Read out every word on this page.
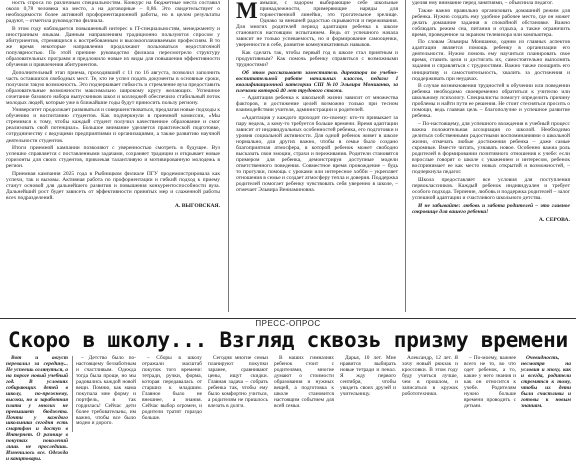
ность спроса по различным специальностям. Конкурс на бюджетные места составил около 0,78 человека на место, а на договорные – 0,86. Это свидетельствует о необходимости более активной профориентационной работы, но в целом результаты радуют, – отметила руководство филиала.

В этом году наблюдается повышенный интерес к IT-специальностям, менеджменту и иностранным языкам. Данным направлениям традиционно пользуются спросом у абитуриентов, стремящихся к востребованным и высокооплачиваемым профессиям. В то же время некоторые направления продолжают пользоваться недостаточной популярностью. По этой причине руководство филиала пересмотрело структуру образовательных программ и предложило новые их виды для повышения эффективности обучения и привлечения абитуриентов.

Дополнительный этап приема, проходивший с 11 по 16 августа, позволил заполнить часть оставшихся свободных мест. Те, кто не успел подать документы в основные сроки, получили такую возможность. Это подчеркивает гибкость и стремление вуза предоставить образовательные возможности максимально широкому кругу желающих. Успешное сочетание базового набора выпускников школ и колледжей обеспечило стабильный поток молодых людей, которые уже в ближайшие годы будут приносить пользу региону.

Университет продолжает развиваться и совершенствоваться, предлагая новые подходы к обучению и воспитанию студентов. Как подчеркнули в приемной комиссии, «Мы стремимся к тому, чтобы каждый студент получил качественное образование и смог реализовать свой потенциал». Большое внимание уделяется практической подготовке, сотрудничеству с ведущими предприятиями и организациями, а также развитию научной деятельности студентов.

Итоги приемной кампании позволяют с уверенностью смотреть в будущее. Вуз успешно справляется с поставленными задачами, сохраняет традиции и открывает новые горизонты для своих студентов, привлекая талантливую и мотивированную молодежь в регион.

Приемная кампания 2025 года в Рыбницком филиале ПГУ продемонстрировала как успехи, так и вызовы. Активная работа по профориентации и гибкий подход к приему станут основой для дальнейшего развития и повышения конкурентоспособности вуза. Дальнейший рост будет зависеть от эффективности принятых мер и слаженной работы всех подразделений.

А. ВЫГОВСКАЯ.

Мамыши, с задором выбирающие себе школьные принадлежности, примеряющие наряды для торжественной линейки, это трогательное зрелище. Однако за внешней радостью скрываются и переживания. Для многих родителей период адаптации ребенка к школе становится настоящим испытанием. Ведь от успешного начала зависит не только успеваемость, но и формирование самооценки, уверенности в себе, развитие коммуникативных навыков.

Как сделать так, чтобы первый год в школе стал приятным и продуктивным? Как помочь ребенку справиться с возможными трудностями?

Об этом рассказывает заместитель директора по учебно-воспитательной работе начальных классов, педагог I квалификационной категории СШ №10 Эльвира Моншанко, за плечами которой 40 лет трудового стажа.

– Адаптация ребенка к школьной жизни зависит от множества факторов, и достижение целей возможно только при тесном взаимодействии учителя, администрации и родителей.

«Адаптация у каждого проходит по-своему: кто-то привыкает за пару недель, а кому-то требуется больше времени. Время адаптации зависит от индивидуальных особенностей ребенка, его подготовки и уровня социальной активности. Для одной ребенок живет в школе нормально, для других важно, чтобы в семье было создано благоприятная атмосфера, в которой ребенок может свободно высказать свои эмоции, страхи и переживания. Родители становятся примером для ребенка, демонстрируя доступные модели ответственного поведения. Совместное время провождение – будь то прогулки, помощь с уроками или интересное хобби – укрепляет отношения в семье и создает атмосферу тепла и доверия. Поддержка родителей помогает ребенку чувствовать себя уверенно в школе, – отмечает Эльвира Вениаминовна.

уделяя ему внимание перед занятиями, – объяснила педагог.

Также важно правильно организовать домашний режим для ребенка. Нужно создать ему удобное рабочее место, где он может делать домашние задания в спокойной обстановке. Важно соблюдать режим сна, питания и отдыха, а также ограничить время, проведенное за экраном телевизора или компьютера.

По словам Эльвиры Моншанко, одним из главных аспектов адаптации является помощь ребенку в организации его деятельности. Нужно помочь ему научиться планировать свое время, ставить цели и достигать их, самостоятельно выполнять задания и справляться с трудностями. Важно также поощрять его инициативу и самостоятельность, хвалить за достижения и поддерживать при неудачах.

В случае возникновения трудностей в обучении или поведении ребенка необходимо своевременно обратиться к учителю или школьному психологу. Специалисты помогут определить причину проблемы и найти пути ее решения. Не стоит стесняться просить о помощи, ведь главная цель – благополучие и успешное развитие ребенка.

– По-настоящему, для успешного вхождения в учебный процесс важна положительная ассоциация со школой. Необходимо делиться собственными радостными воспоминаниями о школьной жизни, отмечать любые достижения ребенка – даже самые скромные. Вместе читать, узнавать новое. Особенно важна роль родителей в формировании позитивного отношения к учебе: если взрослые говорят о школе с уважением и интересом, ребенок воспринимает ее как место новых открытий и возможностей, – подчеркнула педагог.

Школа предоставляет все условия для поступления первоклассников. Каждый ребенок индивидуален и требует особого подхода. Терпение, любовь и поддержка родителей – залог успешной адаптации и счастливого школьного детства.

И не забывайте: любовь и забота родителей – это главное сокровище для вашего ребенка!

А. СЕРОВА.
ПРЕСС-ОПРОС
Скоро в школу... Взгляд сквозь призму времени

Вот и август перевалил за середину... Не успеешь оглянуться, а на пороге новый учебный год. В условиях собирающих детей в школу, по-прежнему, высоки, но и заработная плата у многих не превышает бюджета. Почти у каждого школьника сегодня есть смартфон и доступ в Интернет. О разнице в покупках поколений лишь не проследишь. Изменилось все. Одежда и канцтовары.

– Детство было по-настоящему беззаботным и счастливым. Одежда тогда была проще, но мы радовались каждой новой вещи. Помню, как мама покупала мне форму и портфель, я так гордилась! Сейчас дети более требовательны, им важно, чтобы все было модно и дорого.

– Сборы в школу отражали масштаб покупок того времени: тетради, ручки, форма, которая передавалась от старших к младшим. Главное было не внешнее, а знания. Сейчас выбор огромен, и родители тратят гораздо больше.

Сегодня многие семьи планируют покупки заранее, сравнивают цены, ищут скидки. Главная задача – собрать ребенка так, чтобы ему было комфортно учиться, а родителям не пришлось влезать в долги.

В наших гимназиях ребенок стоит с родителями, многие думают о стоимости образования и нужных вещей, а подготовка к школе становится настоящим событием для всей семьи.

Дарья, 10 лет. Мне нравится выбирать новые тетради и пенал. Я жду первого сентября, чтобы увидеть своих друзей и учительницу.

Александр, 12 лет. Я хочу новый рюкзак и кроссовки. В этом году буду учиться лучше, чем в прошлом, и записаться в кружок робототехники.

– По-моему, важнее всего не то, во что одет ребенок, а то, какие у него знания и как он относится к учебе. Родителям нужно больше времени проводить с детьми.

Очевидность, несмотря на условия и эпоху, как и всегда, родители стремятся к тому, чтобы их дети были счастливы и готовы к новым знаниям.
